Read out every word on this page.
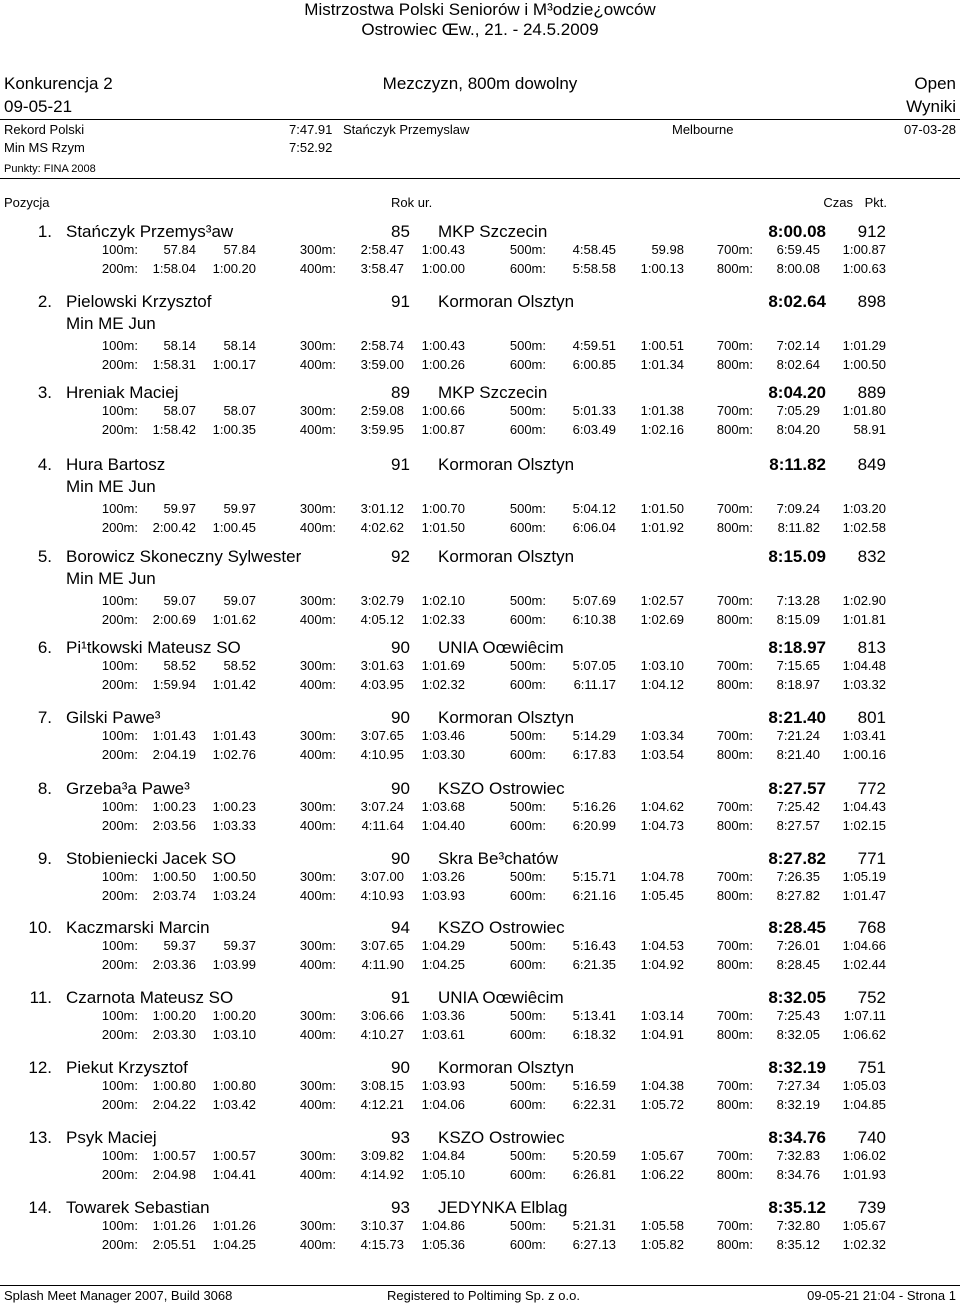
Mistrzostwa Polski Seniorów i M³odzie¿owców
Ostrowiec Œw., 21. - 24.5.2009
Konkurencja 2	Mezczyzn, 800m dowolny	Open
09-05-21	Wyniki
Rekord Polski	7:47.91 Stańczyk Przemyslaw	Melbourne	07-03-28
Min MS Rzym	7:52.92
Punkty: FINA 2008
Pozycja	Rok ur.	Czas Pkt.
1. Stańczyk Przemys³aw	85 MKP Szczecin	8:00.08 912
100m: 57.84 57.84	300m: 2:58.47 1:00.43	500m: 4:58.45	59.98	700m: 6:59.45 1:00.87
200m: 1:58.04 1:00.20	400m: 3:58.47 1:00.00	600m: 5:58.58 1:00.13	800m: 8:00.08 1:00.63
2. Pielowski Krzysztof	91 Kormoran Olsztyn	8:02.64 898
Min ME Jun
100m: 58.14 58.14	300m: 2:58.74 1:00.43	500m: 4:59.51 1:00.51	700m: 7:02.14 1:01.29
200m: 1:58.31 1:00.17	400m: 3:59.00 1:00.26	600m: 6:00.85 1:01.34	800m: 8:02.64 1:00.50
3. Hreniak Maciej	89 MKP Szczecin	8:04.20 889
100m: 58.07 58.07	300m: 2:59.08 1:00.66	500m: 5:01.33 1:01.38	700m: 7:05.29 1:01.80
200m: 1:58.42 1:00.35	400m: 3:59.95 1:00.87	600m: 6:03.49 1:02.16	800m: 8:04.20	58.91
4. Hura Bartosz	91 Kormoran Olsztyn	8:11.82 849
Min ME Jun
100m: 59.97 59.97	300m: 3:01.12 1:00.70	500m: 5:04.12 1:01.50	700m: 7:09.24 1:03.20
200m: 2:00.42 1:00.45	400m: 4:02.62 1:01.50	600m: 6:06.04 1:01.92	800m: 8:11.82 1:02.58
5. Borowicz Skoneczny Sylwester	92 Kormoran Olsztyn	8:15.09 832
Min ME Jun
100m: 59.07 59.07	300m: 3:02.79 1:02.10	500m: 5:07.69 1:02.57	700m: 7:13.28 1:02.90
200m: 2:00.69 1:01.62	400m: 4:05.12 1:02.33	600m: 6:10.38 1:02.69	800m: 8:15.09 1:01.81
6. Pi¹tkowski Mateusz SO	90 UNIA Oœwiêcim	8:18.97 813
100m: 58.52 58.52	300m: 3:01.63 1:01.69	500m: 5:07.05 1:03.10	700m: 7:15.65 1:04.48
200m: 1:59.94 1:01.42	400m: 4:03.95 1:02.32	600m: 6:11.17 1:04.12	800m: 8:18.97 1:03.32
7. Gilski Pawe³	90 Kormoran Olsztyn	8:21.40 801
100m: 1:01.43 1:01.43	300m: 3:07.65 1:03.46	500m: 5:14.29 1:03.34	700m: 7:21.24 1:03.41
200m: 2:04.19 1:02.76	400m: 4:10.95 1:03.30	600m: 6:17.83 1:03.54	800m: 8:21.40 1:00.16
8. Grzeba³a Pawe³	90 KSZO Ostrowiec	8:27.57 772
100m: 1:00.23 1:00.23	300m: 3:07.24 1:03.68	500m: 5:16.26 1:04.62	700m: 7:25.42 1:04.43
200m: 2:03.56 1:03.33	400m: 4:11.64 1:04.40	600m: 6:20.99 1:04.73	800m: 8:27.57 1:02.15
9. Stobieniecki Jacek SO	90 Skra Be³chatów	8:27.82 771
100m: 1:00.50 1:00.50	300m: 3:07.00 1:03.26	500m: 5:15.71 1:04.78	700m: 7:26.35 1:05.19
200m: 2:03.74 1:03.24	400m: 4:10.93 1:03.93	600m: 6:21.16 1:05.45	800m: 8:27.82 1:01.47
10. Kaczmarski Marcin	94 KSZO Ostrowiec	8:28.45 768
100m: 59.37 59.37	300m: 3:07.65 1:04.29	500m: 5:16.43 1:04.53	700m: 7:26.01 1:04.66
200m: 2:03.36 1:03.99	400m: 4:11.90 1:04.25	600m: 6:21.35 1:04.92	800m: 8:28.45 1:02.44
11. Czarnota Mateusz SO	91 UNIA Oœwiêcim	8:32.05 752
100m: 1:00.20 1:00.20	300m: 3:06.66 1:03.36	500m: 5:13.41 1:03.14	700m: 7:25.43 1:07.11
200m: 2:03.30 1:03.10	400m: 4:10.27 1:03.61	600m: 6:18.32 1:04.91	800m: 8:32.05 1:06.62
12. Piekut Krzysztof	90 Kormoran Olsztyn	8:32.19 751
100m: 1:00.80 1:00.80	300m: 3:08.15 1:03.93	500m: 5:16.59 1:04.38	700m: 7:27.34 1:05.03
200m: 2:04.22 1:03.42	400m: 4:12.21 1:04.06	600m: 6:22.31 1:05.72	800m: 8:32.19 1:04.85
13. Psyk Maciej	93 KSZO Ostrowiec	8:34.76 740
100m: 1:00.57 1:00.57	300m: 3:09.82 1:04.84	500m: 5:20.59 1:05.67	700m: 7:32.83 1:06.02
200m: 2:04.98 1:04.41	400m: 4:14.92 1:05.10	600m: 6:26.81 1:06.22	800m: 8:34.76 1:01.93
14. Towarek Sebastian	93 JEDYNKA Elblag	8:35.12 739
100m: 1:01.26 1:01.26	300m: 3:10.37 1:04.86	500m: 5:21.31 1:05.58	700m: 7:32.80 1:05.67
200m: 2:05.51 1:04.25	400m: 4:15.73 1:05.36	600m: 6:27.13 1:05.82	800m: 8:35.12 1:02.32
Splash Meet Manager 2007, Build 3068	Registered to Poltiming Sp. z o.o.	09-05-21 21:04 - Strona 1
